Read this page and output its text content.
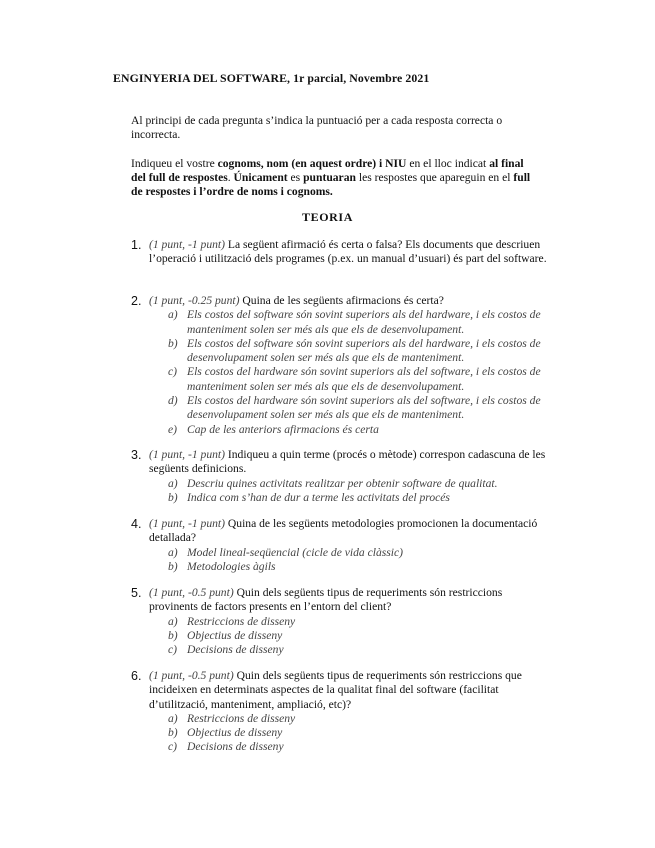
ENGINYERIA DEL SOFTWARE, 1r parcial, Novembre 2021
Al principi de cada pregunta s’indica la puntuació per a cada resposta correcta o incorrecta.
Indiqueu el vostre cognoms, nom (en aquest ordre) i NIU en el lloc indicat al final del full de respostes. Únicament es puntuaran les respostes que apareguin en el full de respostes i l’ordre de noms i cognoms.
TEORIA
1. (1 punt, -1 punt) La següent afirmació és certa o falsa? Els documents que descriuen l’operació i utilització dels programes (p.ex. un manual d’usuari) és part del software.
2. (1 punt, -0.25 punt) Quina de les següents afirmacions és certa?
a) Els costos del software són sovint superiors als del hardware, i els costos de manteniment solen ser més als que els de desenvolupament.
b) Els costos del software són sovint superiors als del hardware, i els costos de desenvolupament solen ser més als que els de manteniment.
c) Els costos del hardware són sovint superiors als del software, i els costos de manteniment solen ser més als que els de desenvolupament.
d) Els costos del hardware són sovint superiors als del software, i els costos de desenvolupament solen ser més als que els de manteniment.
e) Cap de les anteriors afirmacions és certa
3. (1 punt, -1 punt) Indiqueu a quin terme (procés o mètode) correspon cadascuna de les següents definicions.
a) Descriu quines activitats realitzar per obtenir software de qualitat.
b) Indica com s’han de dur a terme les activitats del procés
4. (1 punt, -1 punt) Quina de les següents metodologies promocionen la documentació detallada?
a) Model lineal-seqüencial (cicle de vida clàssic)
b) Metodologies àgils
5. (1 punt, -0.5 punt) Quin dels següents tipus de requeriments són restriccions provinents de factors presents en l’entorn del client?
a) Restriccions de disseny
b) Objectius de disseny
c) Decisions de disseny
6. (1 punt, -0.5 punt) Quin dels següents tipus de requeriments són restriccions que incideixen en determinats aspectes de la qualitat final del software (facilitat d’utilització, manteniment, ampliació, etc)?
a) Restriccions de disseny
b) Objectius de disseny
c) Decisions de disseny
